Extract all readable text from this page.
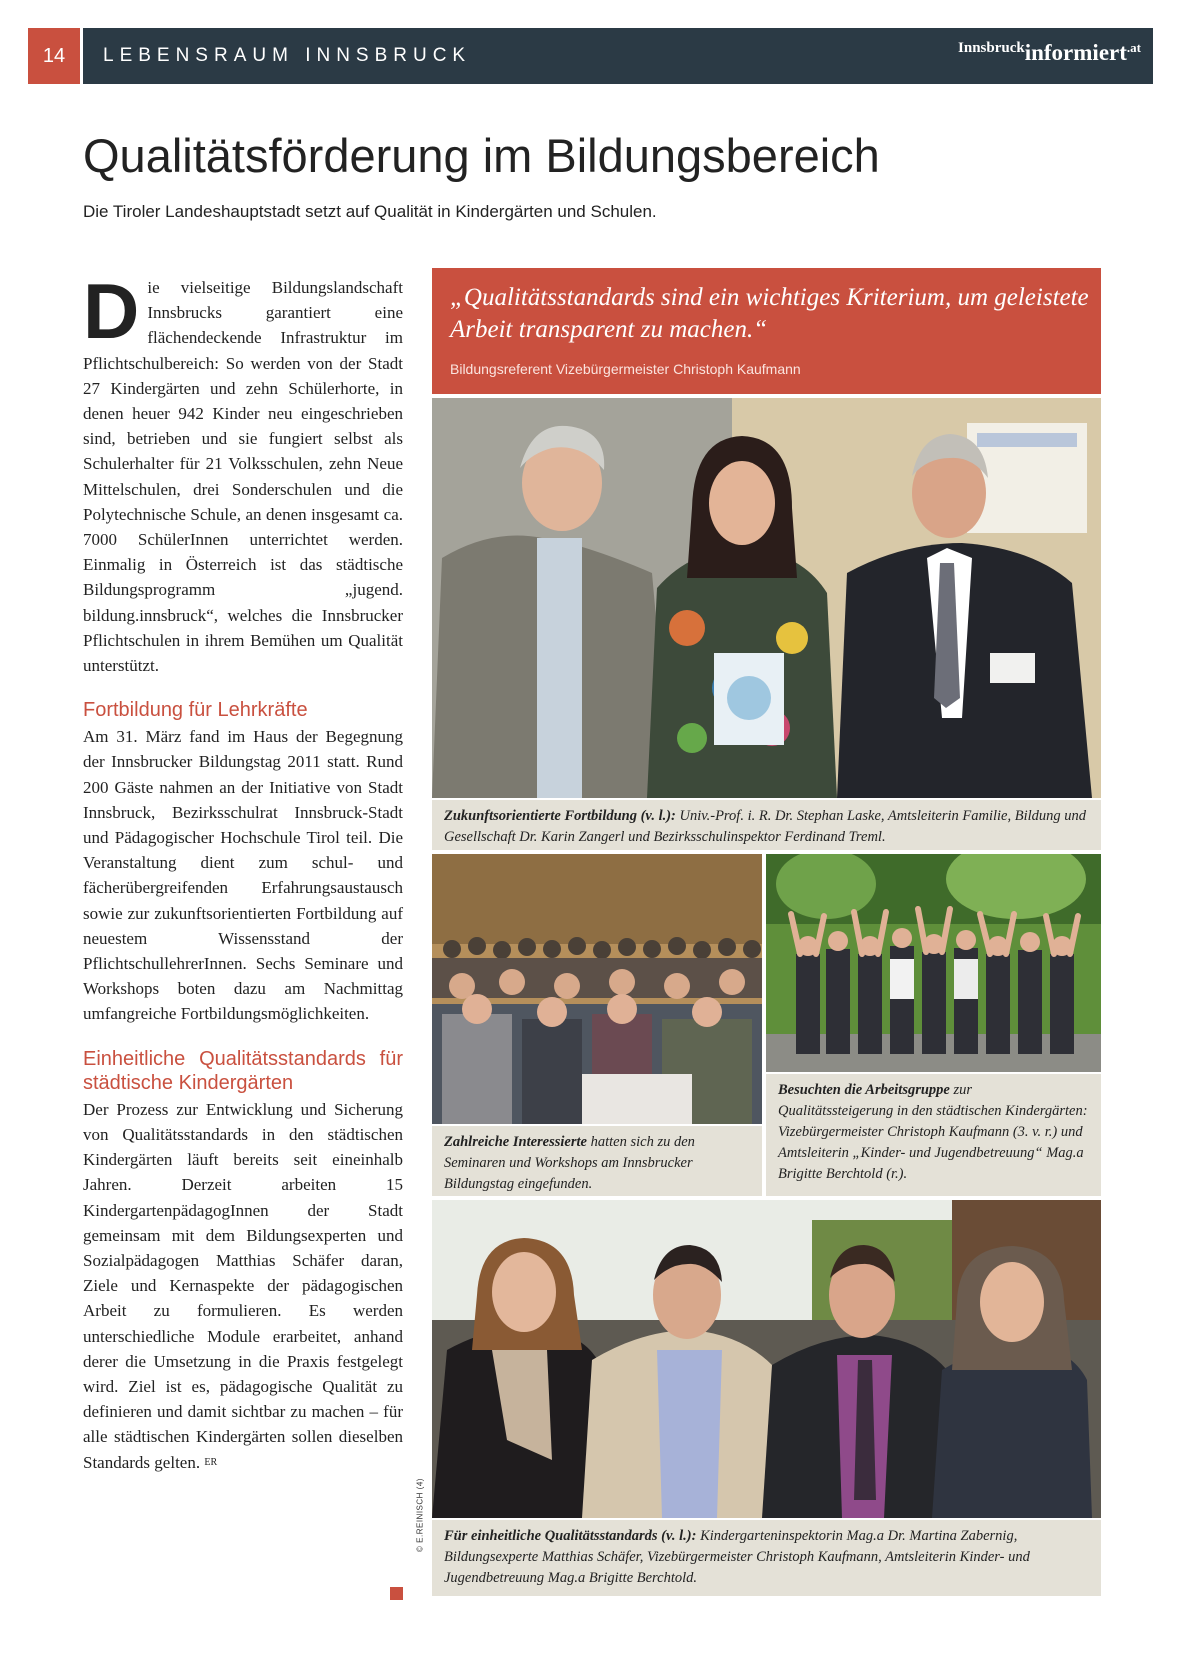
14	LEBENSRAUM INNSBRUCK	Innsbruckinformiert$^{.at}$
Qualitätsförderung im Bildungsbereich
Die Tiroler Landeshauptstadt setzt auf Qualität in Kindergärten und Schulen.

Die vielseitige Bildungslandschaft Innsbrucks garantiert eine flächendeckende Infrastruktur im Pflichtschulbereich: So werden von der Stadt 27 Kindergärten und zehn Schülerhorte, in denen heuer 942 Kinder neu eingeschrieben sind, betrieben und sie fungiert selbst als Schulerhalter für 21 Volksschulen, zehn Neue Mittelschulen, drei Sonderschulen und die Polytechnische Schule, an denen insgesamt ca. 7000 SchülerInnen unterrichtet werden. Einmalig in Österreich ist das städtische Bildungsprogramm „jugend. bildung.innsbruck“, welches die Innsbrucker Pflichtschulen in ihrem Bemühen um Qualität unterstützt.

Fortbildung für Lehrkräfte

Am 31. März fand im Haus der Begegnung der Innsbrucker Bildungstag 2011 statt. Rund 200 Gäste nahmen an der Initiative von Stadt Innsbruck, Bezirksschulrat Innsbruck-Stadt und Pädagogischer Hochschule Tirol teil. Die Veranstaltung dient zum schul- und fächerübergreifenden Erfahrungsaustausch sowie zur zukunftsorientierten Fortbildung auf neuestem Wissensstand der PflichtschullehrerInnen. Sechs Seminare und Workshops boten dazu am Nachmittag umfangreiche Fortbildungsmöglichkeiten.

Einheitliche Qualitätsstandards für städtische Kindergärten

Der Prozess zur Entwicklung und Sicherung von Qualitätsstandards in den städtischen Kindergärten läuft bereits seit eineinhalb Jahren. Derzeit arbeiten 15 KindergartenpädagogInnen der Stadt gemeinsam mit dem Bildungsexperten und Sozialpädagogen Matthias Schäfer daran, Ziele und Kernaspekte der pädagogischen Arbeit zu formulieren. Es werden unterschiedliche Module erarbeitet, anhand derer die Umsetzung in die Praxis festgelegt wird. Ziel ist es, pädagogische Qualität zu definieren und damit sichtbar zu machen – für alle städtischen Kindergärten sollen dieselben Standards gelten. $^{ER}$

„Qualitätsstandards sind ein wichtiges Kriterium, um geleistete Arbeit transparent zu machen.“
Bildungsreferent Vizebürgermeister Christoph Kaufmann
Zukunftsorientierte Fortbildung (v. l.): Univ.-Prof. i. R. Dr. Stephan Laske, Amtsleiterin Familie, Bildung und Gesellschaft Dr. Karin Zangerl und Bezirksschulinspektor Ferdinand Treml.
Zahlreiche Interessierte hatten sich zu den Seminaren und Workshops am Innsbrucker Bildungstag eingefunden.
Besuchten die Arbeitsgruppe zur Qualitätssteigerung in den städtischen Kindergärten: Vizebürgermeister Christoph Kaufmann (3. v. r.) und Amtsleiterin „Kinder- und Jugendbetreuung“ Mag.a Brigitte Berchtold (r.).
Für einheitliche Qualitätsstandards (v. l.): Kindergarteninspektorin Mag.a Dr. Martina Zabernig, Bildungsexperte Matthias Schäfer, Vizebürgermeister Christoph Kaufmann, Amtsleiterin Kinder- und Jugendbetreuung Mag.a Brigitte Berchtold.
© E.REINISCH (4)
